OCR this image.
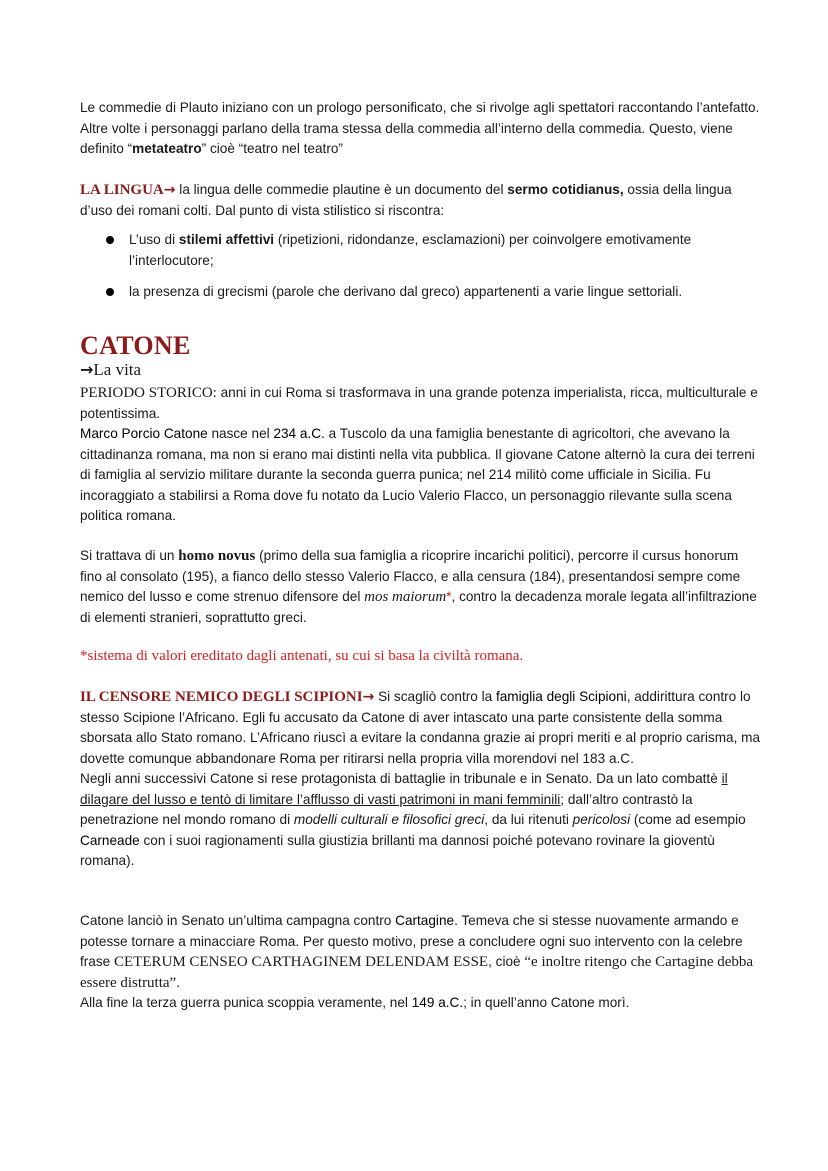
Le commedie di Plauto iniziano con un prologo personificato, che si rivolge agli spettatori raccontando l’antefatto. Altre volte i personaggi parlano della trama stessa della commedia all’interno della commedia. Questo, viene definito “metateatro” cioè “teatro nel teatro”

LA LINGUA→ la lingua delle commedie plautine è un documento del sermo cotidianus, ossia della lingua d’uso dei romani colti. Dal punto di vista stilistico si riscontra:

L’uso di stilemi affettivi (ripetizioni, ridondanze, esclamazioni) per coinvolgere emotivamente l’interlocutore;
la presenza di grecismi (parole che derivano dal greco) appartenenti a varie lingue settoriali.
CATONE
→La vita

PERIODO STORICO: anni in cui Roma si trasformava in una grande potenza imperialista, ricca, multiculturale e potentissima.
Marco Porcio Catone nasce nel 234 a.C. a Tuscolo da una famiglia benestante di agricoltori, che avevano la cittadinanza romana, ma non si erano mai distinti nella vita pubblica. Il giovane Catone alternò la cura dei terreni di famiglia al servizio militare durante la seconda guerra punica; nel 214 militò come ufficiale in Sicilia. Fu incoraggiato a stabilirsi a Roma dove fu notato da Lucio Valerio Flacco, un personaggio rilevante sulla scena politica romana.

Si trattava di un homo novus (primo della sua famiglia a ricoprire incarichi politici), percorre il cursus honorum fino al consolato (195), a fianco dello stesso Valerio Flacco, e alla censura (184), presentandosi sempre come nemico del lusso e come strenuo difensore del mos maiorum*, contro la decadenza morale legata all’infiltrazione di elementi stranieri, soprattutto greci.

*sistema di valori ereditato dagli antenati, su cui si basa la civiltà romana.

IL CENSORE NEMICO DEGLI SCIPIONI→ Si scagliò contro la famiglia degli Scipioni, addirittura contro lo stesso Scipione l’Africano. Egli fu accusato da Catone di aver intascato una parte consistente della somma sborsata allo Stato romano. L’Africano riuscì a evitare la condanna grazie ai propri meriti e al proprio carisma, ma dovette comunque abbandonare Roma per ritirarsi nella propria villa morendovi nel 183 a.C.
Negli anni successivi Catone si rese protagonista di battaglie in tribunale e in Senato. Da un lato combattè il dilagare del lusso e tentò di limitare l’afflusso di vasti patrimoni in mani femminili; dall’altro contrastò la penetrazione nel mondo romano di modelli culturali e filosofici greci, da lui ritenuti pericolosi (come ad esempio Carneade con i suoi ragionamenti sulla giustizia brillanti ma dannosi poiché potevano rovinare la gioventù romana).

Catone lanciò in Senato un’ultima campagna contro Cartagine. Temeva che si stesse nuovamente armando e potesse tornare a minacciare Roma. Per questo motivo, prese a concludere ogni suo intervento con la celebre frase CETERUM CENSEO CARTHAGINEM DELENDAM ESSE, cioè “e inoltre ritengo che Cartagine debba essere distrutta”.
Alla fine la terza guerra punica scoppia veramente, nel 149 a.C.; in quell’anno Catone morì.
